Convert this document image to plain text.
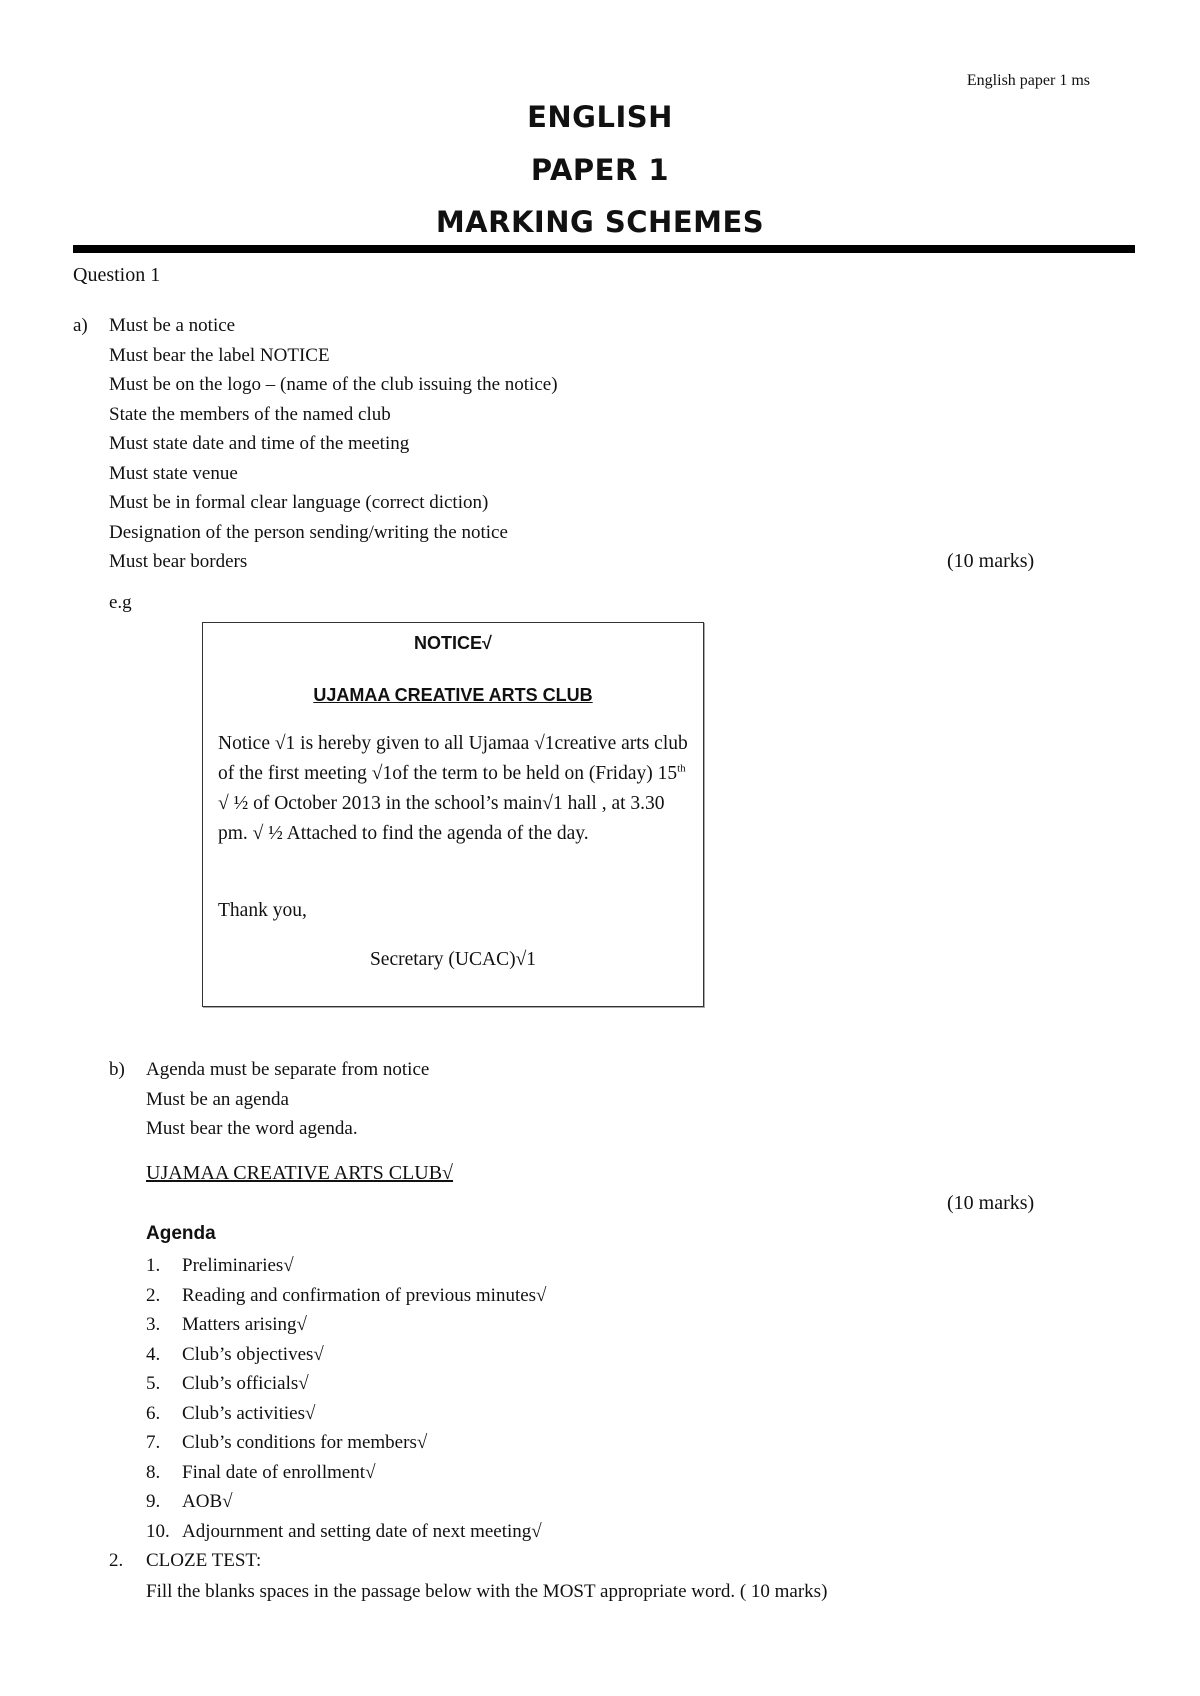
English paper 1 ms
ENGLISH
PAPER 1
MARKING SCHEMES
Question 1
a) Must be a notice
Must bear the label NOTICE
Must be on the logo – (name of the club issuing the notice)
State the members of the named club
Must state date and time of the meeting
Must state venue
Must be in formal clear language (correct diction)
Designation of the person sending/writing the notice
Must bear borders	(10 marks)
e.g
NOTICE√
UJAMAA CREATIVE ARTS CLUB
Notice √1 is hereby given to all Ujamaa √1creative arts club of the first meeting √1of the term to be held on (Friday) 15th √ ½ of October 2013 in the school’s main√1 hall , at 3.30 pm. √ ½ Attached to find the agenda of the day.
Thank you,
Secretary (UCAC)√1
b) Agenda must be separate from notice
Must be an agenda
Must bear the word agenda.
UJAMAA CREATIVE ARTS CLUB√
(10 marks)
Agenda
1. Preliminaries√
2. Reading and confirmation of previous minutes√
3. Matters arising√
4. Club’s objectives√
5. Club’s officials√
6. Club’s activities√
7. Club’s conditions for members√
8. Final date of enrollment√
9. AOB√
10. Adjournment and setting date of next meeting√
2. CLOZE TEST:
Fill the blanks spaces in the passage below with the MOST appropriate word. ( 10 marks)
